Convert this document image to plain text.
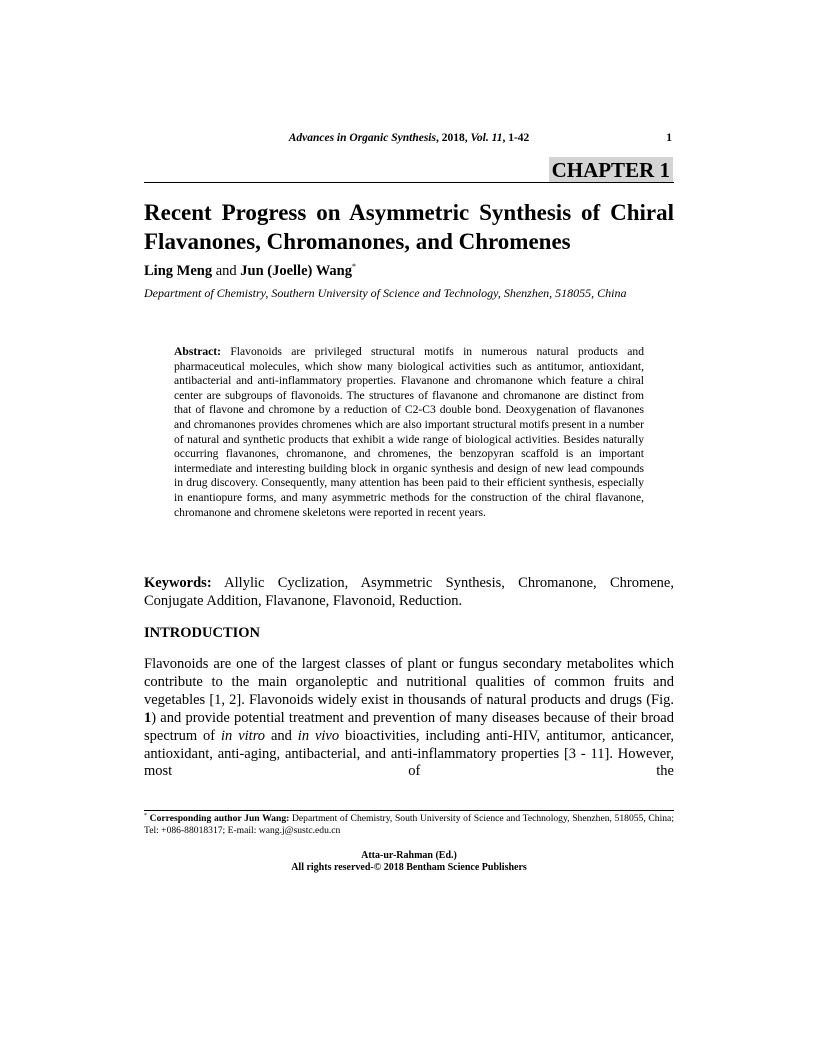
Advances in Organic Synthesis, 2018, Vol. 11, 1-42	1
CHAPTER 1
Recent Progress on Asymmetric Synthesis of Chiral Flavanones, Chromanones, and Chromenes
Ling Meng and Jun (Joelle) Wang*
Department of Chemistry, Southern University of Science and Technology, Shenzhen, 518055, China
Abstract: Flavonoids are privileged structural motifs in numerous natural products and pharmaceutical molecules, which show many biological activities such as antitumor, antioxidant, antibacterial and anti-inflammatory properties. Flavanone and chromanone which feature a chiral center are subgroups of flavonoids. The structures of flavanone and chromanone are distinct from that of flavone and chromone by a reduction of C2-C3 double bond. Deoxygenation of flavanones and chromanones provides chromenes which are also important structural motifs present in a number of natural and synthetic products that exhibit a wide range of biological activities. Besides naturally occurring flavanones, chromanone, and chromenes, the benzopyran scaffold is an important intermediate and interesting building block in organic synthesis and design of new lead compounds in drug discovery. Consequently, many attention has been paid to their efficient synthesis, especially in enantiopure forms, and many asymmetric methods for the construction of the chiral flavanone, chromanone and chromene skeletons were reported in recent years.
Keywords: Allylic Cyclization, Asymmetric Synthesis, Chromanone, Chromene, Conjugate Addition, Flavanone, Flavonoid, Reduction.
INTRODUCTION
Flavonoids are one of the largest classes of plant or fungus secondary metabolites which contribute to the main organoleptic and nutritional qualities of common fruits and vegetables [1, 2]. Flavonoids widely exist in thousands of natural products and drugs (Fig. 1) and provide potential treatment and prevention of many diseases because of their broad spectrum of in vitro and in vivo bioactivities, including anti-HIV, antitumor, anticancer, antioxidant, anti-aging, antibacterial, and anti-inflammatory properties [3 - 11]. However, most of the
* Corresponding author Jun Wang: Department of Chemistry, South University of Science and Technology, Shenzhen, 518055, China; Tel: +086-88018317; E-mail: wang.j@sustc.edu.cn
Atta-ur-Rahman (Ed.)
All rights reserved-© 2018 Bentham Science Publishers
